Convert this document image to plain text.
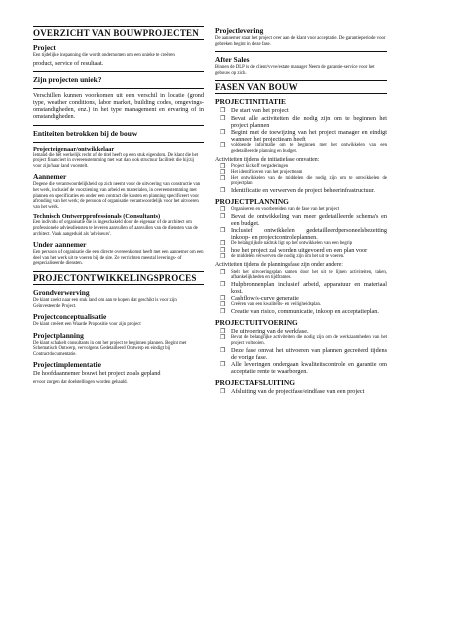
OVERZICHT VAN BOUWPROJECTEN
Project
Een tijdelijke inspanning die wordt ondernomen om een unieke te creëren
product, service of resultaat.
Zijn projecten uniek?
Verschillen kunnen voorkomen uit een verschil in locatie (grond type, weather conditions, labor market, building codes, omgevings-omstandigheden, enz.) in het type management en ervaring of in omstandigheden.
Entiteiten betrokken bij de bouw
Projecteigenaar/ontwikkelaar
Iemand die het werkelijk recht of de titel heeft op een stuk eigendom. De klant die het project financiert in overeenstemming met wat dan ook structuur faciliteit die hij/zij voor zijn/haar land voorstelt.
Aannemer
Degene die verantwoordelijkheid op zich neemt voor de uitvoering van constructie van het werk, inclusief de voorziening van arbeid en materialen, in overeenstemming met plannen en specificaties en onder een contract die kosten en planning specificeert voor afronding van het werk; de persoon of organisatie verantwoordelijk voor het uitvoeren van het werk.
Technisch Ontwerpprofessionals (Consultants)
Een individu of organisatie die is ingeschakeld door de eigenaar of de architect om professionele adviesdiensten te leveren aanvullen of aanvullen van de diensten van de architect. Vaak aangeduid als 'adviseurs'.
Under aannemer
Een persoon of organisatie die een directe overeenkomst heeft met een aannemer om een deel van het werk uit te voeren bij de site. Ze verrichten meestal leverings- of gespecialiseerde diensten.
PROJECTONTWIKKELINGSPROCES
Grondverwerving
De klant zoekt naar een stuk land om aan te kopen dat geschikt is voor zijn Geïnvesteerde Project.
Projectconceptualisatie
De klant creëert een Waarde Propositie voor zijn project
Projectplanning
De klant schakelt consultants in om het project te beginnen plannen. Begint met Schematisch Ontwerp, vervolgens Gedetailleerd Ontwerp en eindigt bij Contractdocumentatie.
Projectimplementatie
De hoofdaannemer bouwt het project zoals gepland
ervoor zorgen dat doelstellingen worden gehaald.
Projectlevering
De aannemer staat het project over aan de klant voor acceptatie. De garantieperiode voor gebreken begint in deze fase.
After Sales
Binnen de DLP is de client/vvve/estate manager Neem de garantie-service voor het gebouw op zich.
FASEN VAN BOUW
PROJECTINITIATIE
❐ De start van het project
❐ Bevat alle activiteiten die nodig zijn om te beginnen het project plannen
❐ Begint met de toewijzing van het project manager en eindigt wanneer het projectteam heeft
❐ voldoende informatie om te beginnen met het ontwikkelen van een gedetailleerde planning en budget.
Activiteiten tijdens de initiatiefase omvatten:
❐ Project kickoff vergaderingen
❐ Het identificeren van het projectteam
❐ Het ontwikkelen van de middelen die nodig zijn om te ontwikkelen de projectplan
❐ Identificatie en verwerven de project beheerinfrastructuur.
PROJECTPLANNING
❐ Organiseren en voorbereiden van de fase van het project
❐ Bevat de ontwikkeling van meer gedetailleerde schema's en een budget.
❐ Inclusief ontwikkelen gedetailleerdpersoneelsbezetting inkoop- en projectcontroleplannen.
❐ De belangrijkste nadruk ligt op het ontwikkelen van een begrip
❐ hoe het project zal worden uitgevoerd en een plan voor
❐ de middelen verwerven die nodig zijn om het uit te voeren.
Activiteiten tijdens de planningsfase zijn onder andere:
❐ Stelt het uitvoeringsplan samen door het uit te lijnen activiteiten, taken, afhankelijkheden en tijdframes.
❐ Hulpbronnenplan inclusief arbeid, apparatuur en materiaal kost.
❐ Cashflow/s-curve generatie
❐ Creëren van een kwaliteits- en veiligheidsplan.
❐ Creatie van risico, communicatie, inkoop en acceptatieplan.
PROJECTUITVOERING
❐ De uitvoering van de werkfase.
❐ Bevat de belangrijke activiteiten die nodig zijn om de werkzaamheden van het project voltooien.
❐ Deze fase omvat het uitvoeren van plannen gecreëerd tijdens de vorige fase.
❐ Alle leveringen ondergaan kwaliteitscontrole en garantie om acceptatie rente te waarborgen.
PROJECTAFSLUITING
❐ Afsluiting van de projectfase/eindfase van een project
